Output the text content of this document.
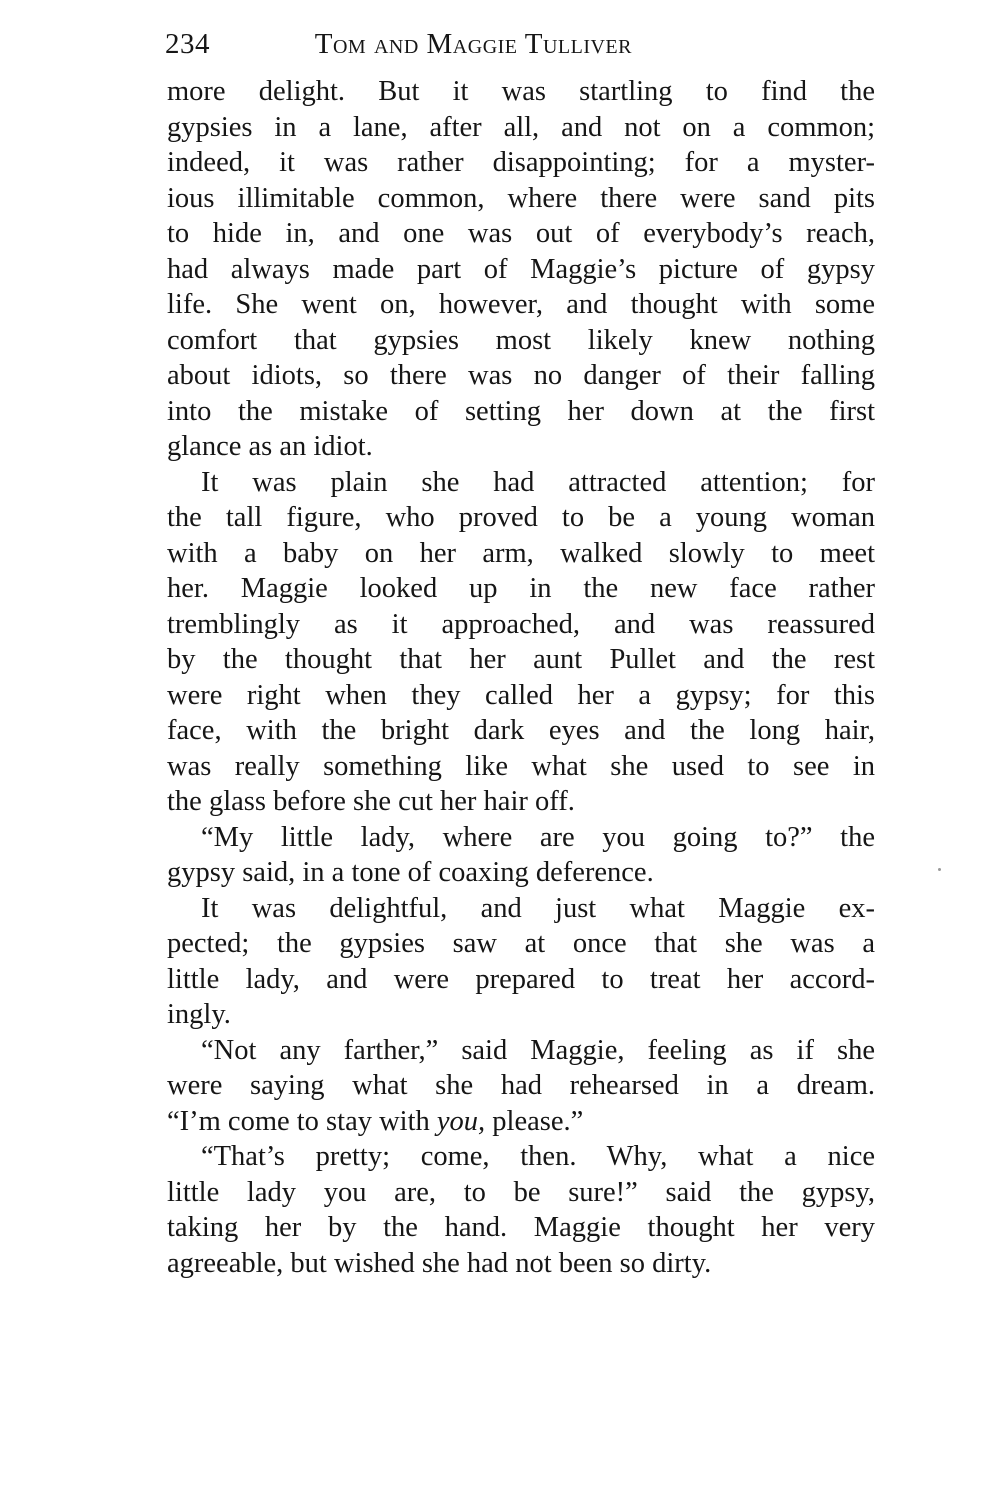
234	Tom and Maggie Tulliver
more delight. But it was startling to find the
gypsies in a lane, after all, and not on a common;
indeed, it was rather disappointing; for a myster-
ious illimitable common, where there were sand pits
to hide in, and one was out of everybody’s reach,
had always made part of Maggie’s picture of gypsy
life. She went on, however, and thought with some
comfort that gypsies most likely knew nothing
about idiots, so there was no danger of their falling
into the mistake of setting her down at the first
glance as an idiot.
It was plain she had attracted attention; for
the tall figure, who proved to be a young woman
with a baby on her arm, walked slowly to meet
her. Maggie looked up in the new face rather
tremblingly as it approached, and was reassured
by the thought that her aunt Pullet and the rest
were right when they called her a gypsy; for this
face, with the bright dark eyes and the long hair,
was really something like what she used to see in
the glass before she cut her hair off.
“My little lady, where are you going to?” the
gypsy said, in a tone of coaxing deference.
It was delightful, and just what Maggie ex-
pected; the gypsies saw at once that she was a
little lady, and were prepared to treat her accord-
ingly.
“Not any farther,” said Maggie, feeling as if she
were saying what she had rehearsed in a dream.
“I’m come to stay with you, please.”
“That’s pretty; come, then. Why, what a nice
little lady you are, to be sure!” said the gypsy,
taking her by the hand. Maggie thought her very
agreeable, but wished she had not been so dirty.
